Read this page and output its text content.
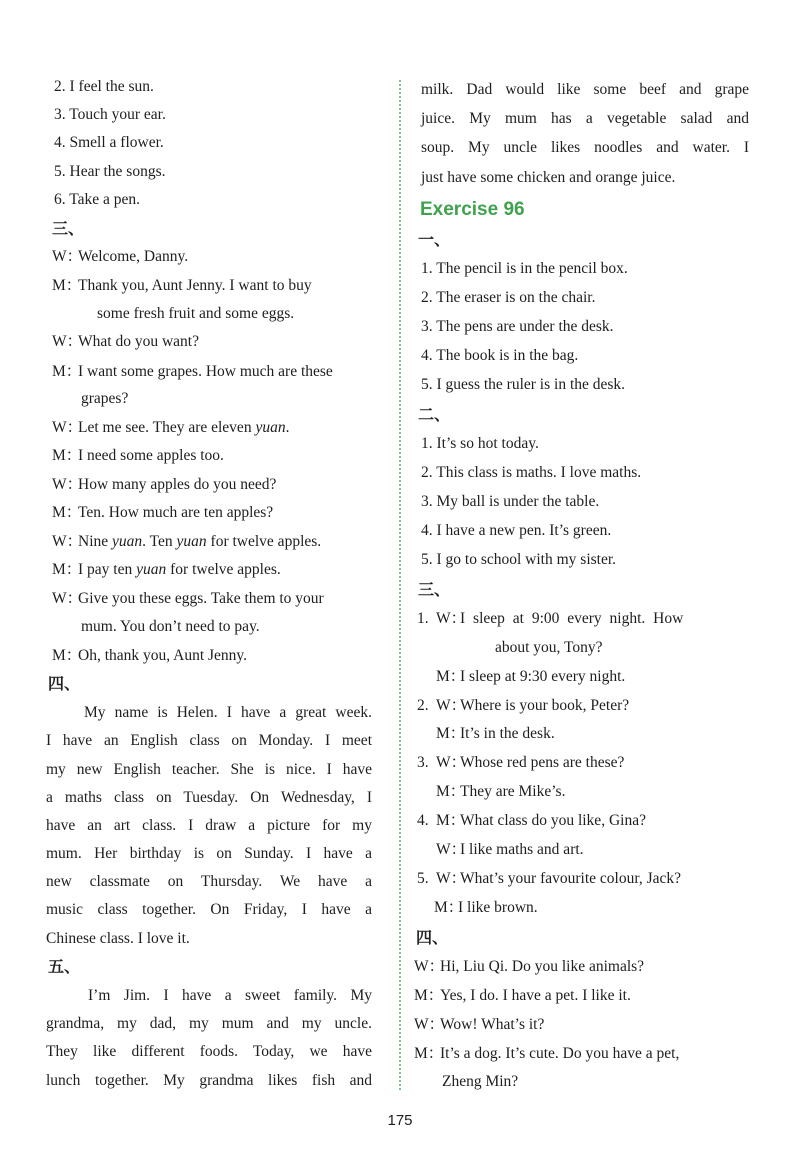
2. I feel the sun.
3. Touch your ear.
4. Smell a flower.
5. Hear the songs.
6. Take a pen.
三、
W：Welcome, Danny.
M：Thank you, Aunt Jenny. I want to buy
some fresh fruit and some eggs.
W：What do you want?
M：I want some grapes. How much are these
grapes?
W：Let me see. They are eleven yuan.
M：I need some apples too.
W：How many apples do you need?
M：Ten. How much are ten apples?
W：Nine yuan. Ten yuan for twelve apples.
M：I pay ten yuan for twelve apples.
W：Give you these eggs. Take them to your
mum. You don’t need to pay.
M：Oh, thank you, Aunt Jenny.
四、
My name is Helen. I have a great week.
I have an English class on Monday. I meet
my new English teacher. She is nice. I have
a maths class on Tuesday. On Wednesday, I
have an art class. I draw a picture for my
mum. Her birthday is on Sunday. I have a
new classmate on Thursday. We have a
music class together. On Friday, I have a
Chinese class. I love it.
五、
I’m Jim. I have a sweet family. My
grandma, my dad, my mum and my uncle.
They like different foods. Today, we have
lunch together. My grandma likes fish and
milk. Dad would like some beef and grape
juice. My mum has a vegetable salad and
soup. My uncle likes noodles and water. I
just have some chicken and orange juice.
Exercise 96
一、
1. The pencil is in the pencil box.
2. The eraser is on the chair.
3. The pens are under the desk.
4. The book is in the bag.
5. I guess the ruler is in the desk.
二、
1. It’s so hot today.
2. This class is maths. I love maths.
3. My ball is under the table.
4. I have a new pen. It’s green.
5. I go to school with my sister.
三、
1. W：I sleep at 9:00 every night. How
about you, Tony?
M：I sleep at 9:30 every night.
2. W：Where is your book, Peter?
M：It’s in the desk.
3. W：Whose red pens are these?
M：They are Mike’s.
4. M：What class do you like, Gina?
W：I like maths and art.
5. W：What’s your favourite colour, Jack?
M：I like brown.
四、
W：Hi, Liu Qi. Do you like animals?
M：Yes, I do. I have a pet. I like it.
W：Wow! What’s it?
M：It’s a dog. It’s cute. Do you have a pet,
Zheng Min?
175
